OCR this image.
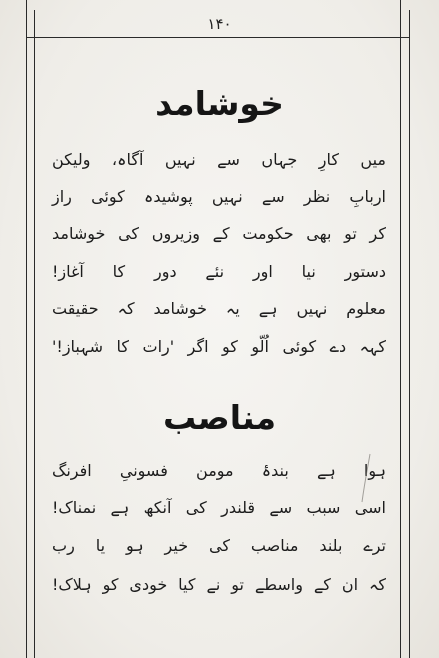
۱۴۰
خوشامد
میں کارِ جہاں سے نہیں آگاہ، ولیکن
اربابِ نظر سے نہیں پوشیدہ کوئی راز
کر تو بھی حکومت کے وزیروں کی خوشامد
دستور نیا اور نئے دور کا آغاز!
معلوم نہیں ہے یہ خوشامد کہ حقیقت
کہہ دے کوئی اُلّو کو اگر 'رات کا شہباز!'
مناصب
ہوا ہے بندۂ مومن فسونیِ افرنگ
اسی سبب سے قلندر کی آنکھ ہے نمناک!
ترے بلند مناصب کی خیر ہو یا رب
کہ ان کے واسطے تو نے کیا خودی کو ہلاک!
